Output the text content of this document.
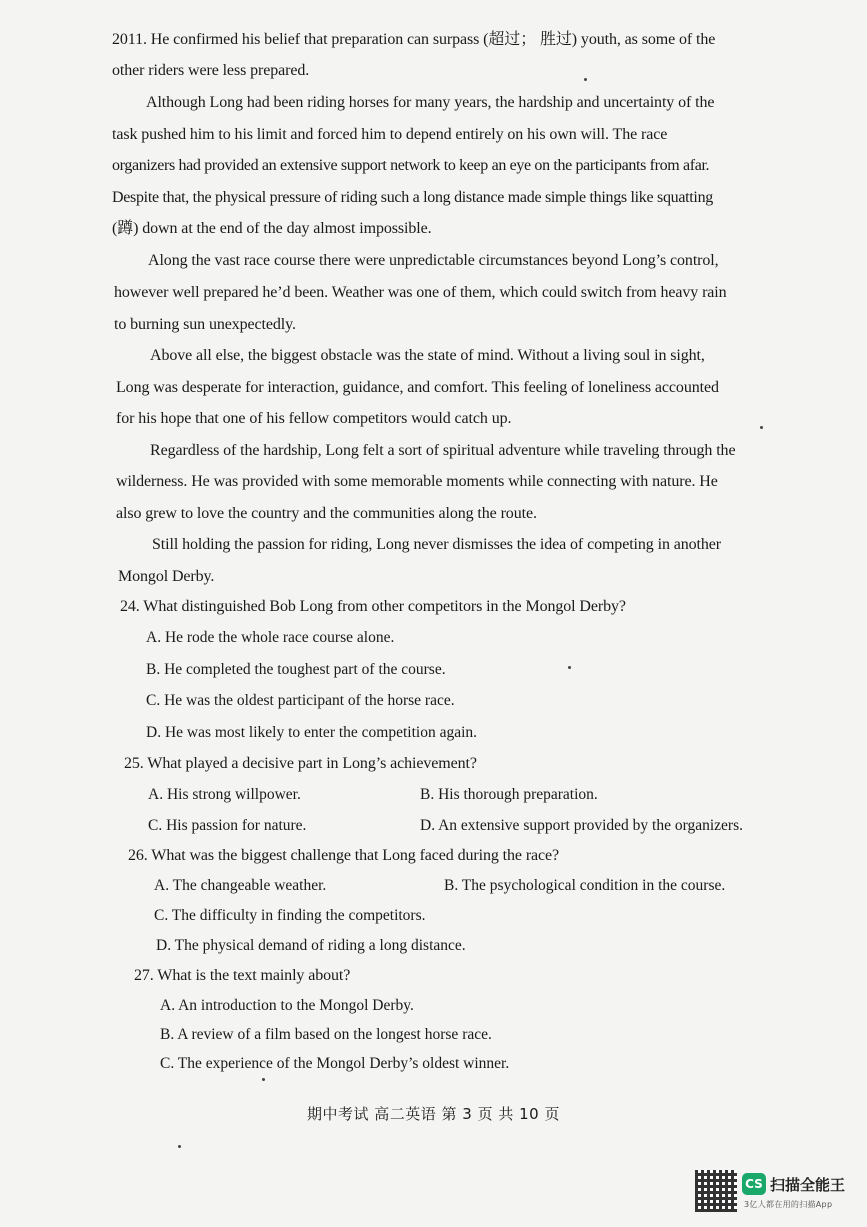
2011. He confirmed his belief that preparation can surpass (超过； 胜过) youth, as some of the
other riders were less prepared.
Although Long had been riding horses for many years, the hardship and uncertainty of the
task pushed him to his limit and forced him to depend entirely on his own will. The race
organizers had provided an extensive support network to keep an eye on the participants from afar.
Despite that, the physical pressure of riding such a long distance made simple things like squatting
(蹲) down at the end of the day almost impossible.
Along the vast race course there were unpredictable circumstances beyond Long’s control,
however well prepared he’d been. Weather was one of them, which could switch from heavy rain
to burning sun unexpectedly.
Above all else, the biggest obstacle was the state of mind. Without a living soul in sight,
Long was desperate for interaction, guidance, and comfort. This feeling of loneliness accounted
for his hope that one of his fellow competitors would catch up.
Regardless of the hardship, Long felt a sort of spiritual adventure while traveling through the
wilderness. He was provided with some memorable moments while connecting with nature. He
also grew to love the country and the communities along the route.
Still holding the passion for riding, Long never dismisses the idea of competing in another
Mongol Derby.
24. What distinguished Bob Long from other competitors in the Mongol Derby?
A. He rode the whole race course alone.
B. He completed the toughest part of the course.
C. He was the oldest participant of the horse race.
D. He was most likely to enter the competition again.
25. What played a decisive part in Long’s achievement?
A. His strong willpower.	B. His thorough preparation.
C. His passion for nature.	D. An extensive support provided by the organizers.
26. What was the biggest challenge that Long faced during the race?
A. The changeable weather.	B. The psychological condition in the course.
C. The difficulty in finding the competitors.
D. The physical demand of riding a long distance.
27. What is the text mainly about?
A. An introduction to the Mongol Derby.
B. A review of a film based on the longest horse race.
C. The experience of the Mongol Derby’s oldest winner.
期中考试 高二英语 第 3 页 共 10 页
CS 扫描全能王
3亿人都在用的扫描App
